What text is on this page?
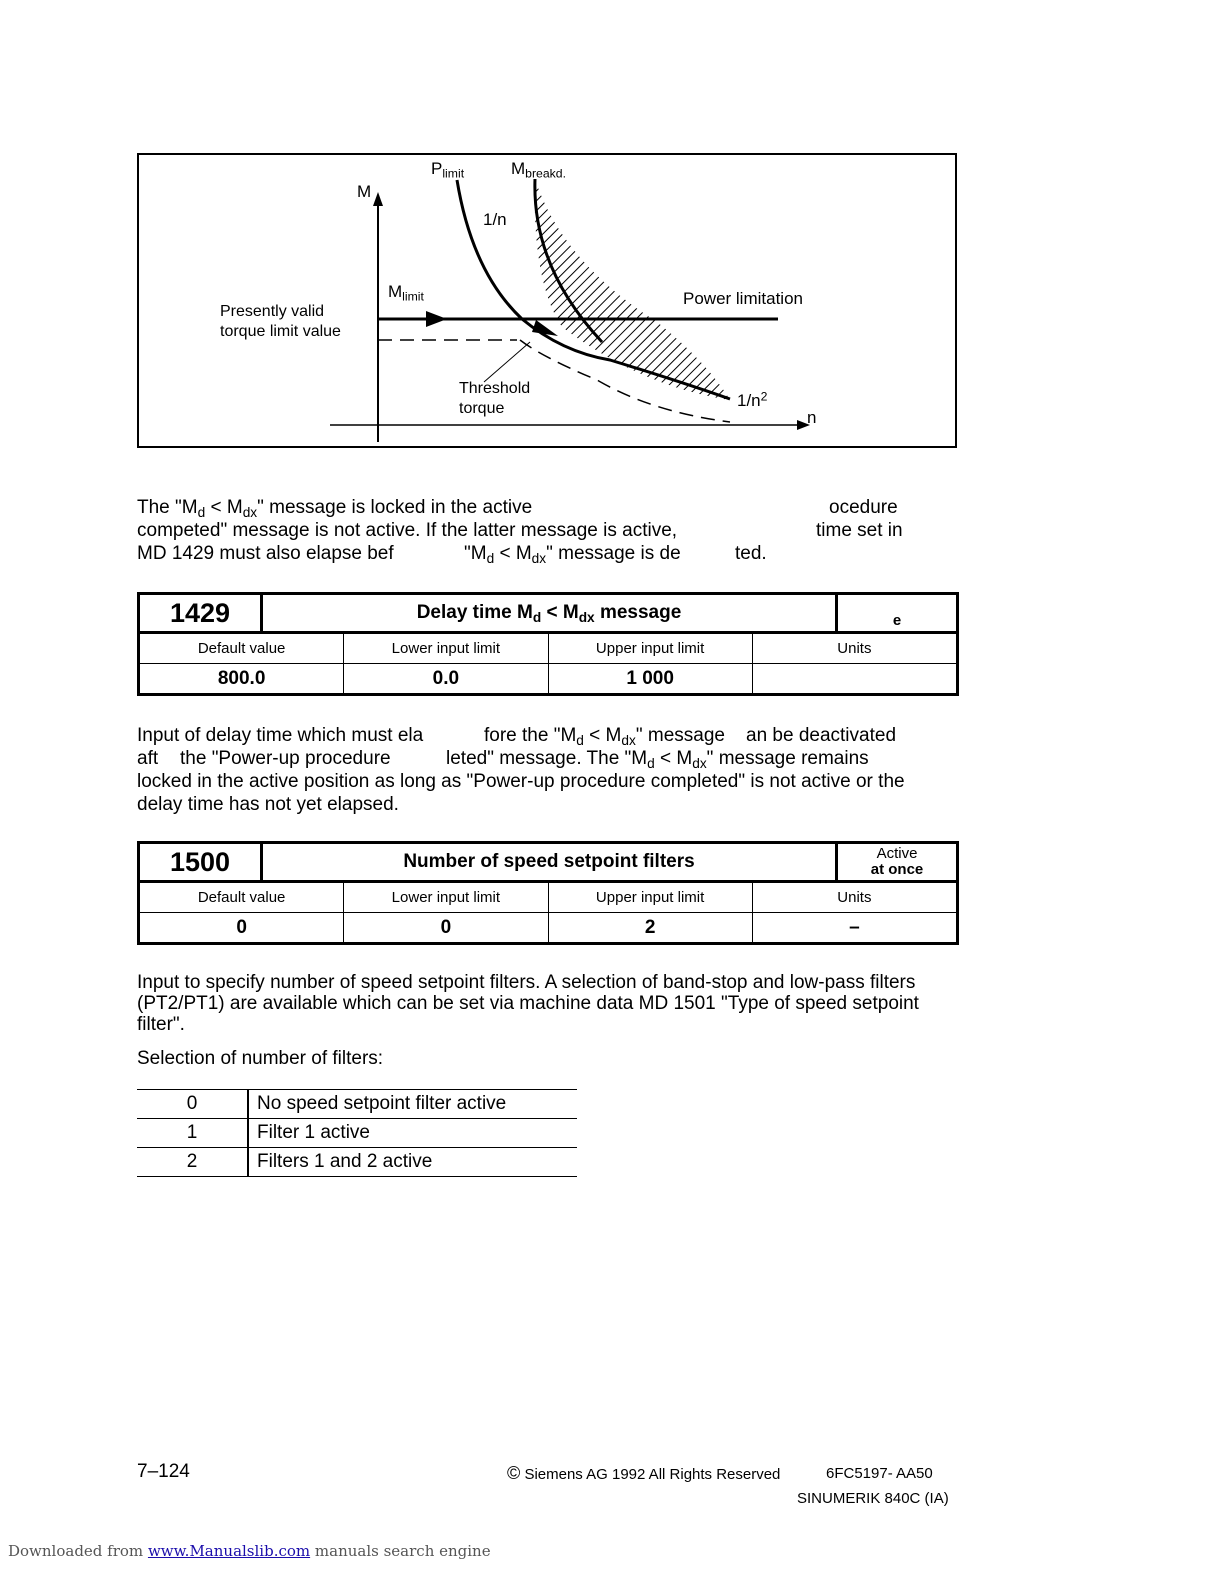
M
$P_{limit}$	$M_{breakd.}$
1/n
$M_{limit}$	Power limitation
Presently valid
torque limit value
Threshold
torque	$1/n^2$
n
The "$M_d < M_{dx}$" message is locked in the active	ocedure
competed" message is not active. If the latter message is active,	time set in
MD 1429 must also elapse bef	"$M_d < M_{dx}$" message is de	ted.
1429	Delay time $M_d < M_{dx}$ message	e
Default value	Lower input limit	Upper input limit	Units
800.0	0.0	1 000
Input of delay time which must ela	fore the "$M_d < M_{dx}$" message an be deactivated
aft the "Power-up procedure	leted" message. The "$M_d < M_{dx}$" message remains
locked in the active position as long as "Power-up procedure completed" is not active or the
delay time has not yet elapsed.
1500	Number of speed setpoint filters	Active
at once
Default value	Lower input limit	Upper input limit	Units
0	0	2	–
Input to specify number of speed setpoint filters. A selection of band-stop and low-pass filters
(PT2/PT1) are available which can be set via machine data MD 1501 "Type of speed setpoint
filter".
Selection of number of filters:
0	No speed setpoint filter active
1	Filter 1 active
2	Filters 1 and 2 active
7–124	© Siemens AG 1992 All Rights Reserved	6FC5197- AA50
SINUMERIK 840C (IA)
Downloaded from www.Manualslib.com manuals search engine
